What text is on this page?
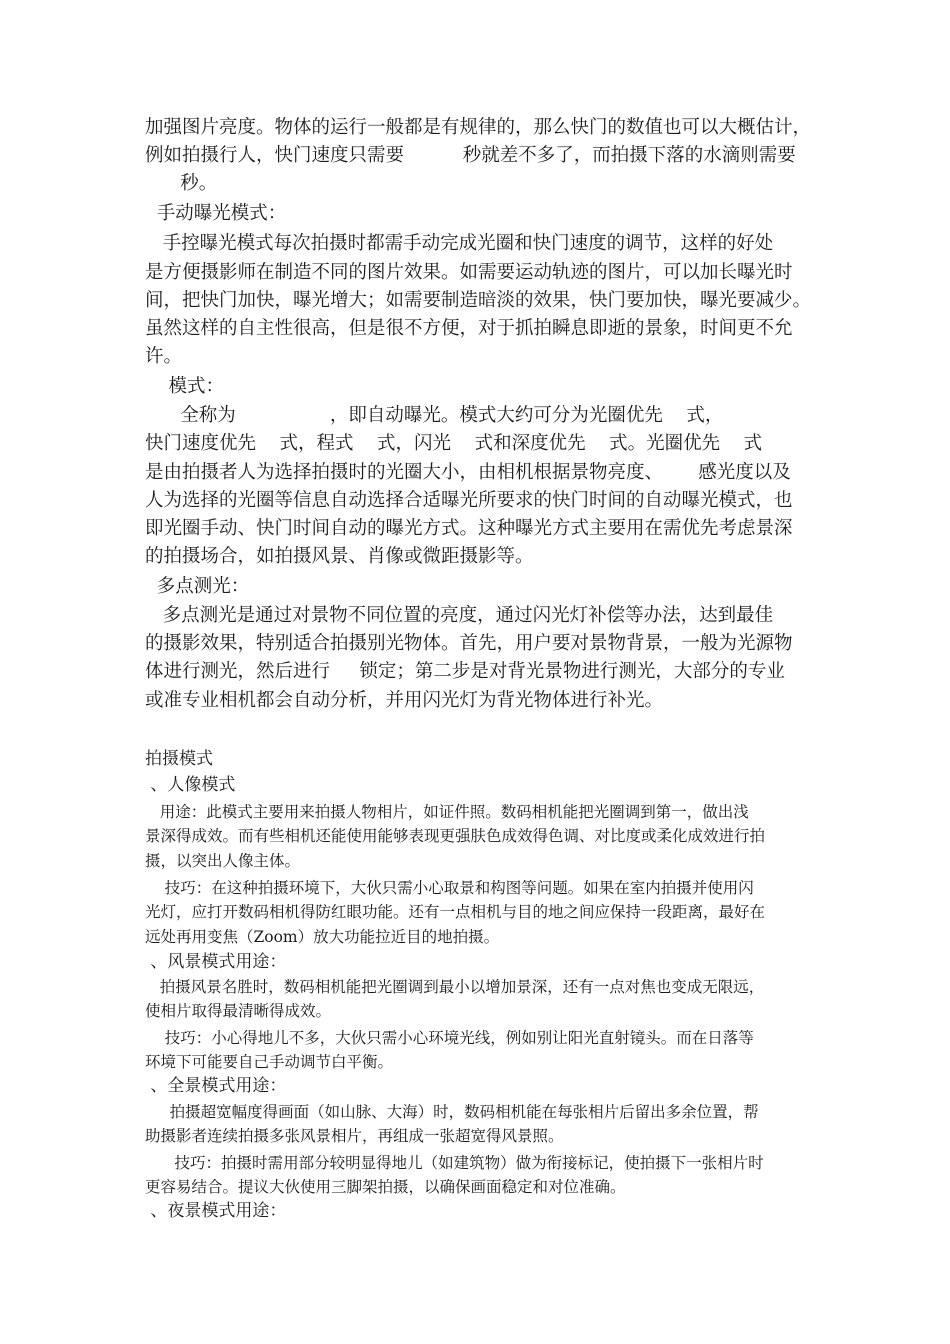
加强图片亮度。物体的运行一般都是有规律的，那么快门的数值也可以大概估计，
例如拍摄行人，快门速度只需要          秒就差不多了，而拍摄下落的水滴则需要
秒。
手动曝光模式：
手控曝光模式每次拍摄时都需手动完成光圈和快门速度的调节，这样的好处
是方便摄影师在制造不同的图片效果。如需要运动轨迹的图片，可以加长曝光时
间，把快门加快，曝光增大；如需要制造暗淡的效果，快门要加快，曝光要减少。
虽然这样的自主性很高，但是很不方便，对于抓拍瞬息即逝的景象，时间更不允
许。
模式：
全称为                ，即自动曝光。模式大约可分为光圈优先    式，
快门速度优先    式，程式    式，闪光    式和深度优先    式。光圈优先    式
是由拍摄者人为选择拍摄时的光圈大小，由相机根据景物亮度、      感光度以及
人为选择的光圈等信息自动选择合适曝光所要求的快门时间的自动曝光模式，也
即光圈手动、快门时间自动的曝光方式。这种曝光方式主要用在需优先考虑景深
的拍摄场合，如拍摄风景、肖像或微距摄影等。
多点测光：
多点测光是通过对景物不同位置的亮度，通过闪光灯补偿等办法，达到最佳
的摄影效果，特别适合拍摄别光物体。首先，用户要对景物背景，一般为光源物
体进行测光，然后进行     锁定；第二步是对背光景物进行测光，大部分的专业
或准专业相机都会自动分析，并用闪光灯为背光物体进行补光。
拍摄模式
、人像模式
用途：此模式主要用来拍摄人物相片，如证件照。数码相机能把光圈调到第一，做出浅
景深得成效。而有些相机还能使用能够表现更强肤色成效得色调、对比度或柔化成效进行拍
摄，以突出人像主体。
技巧：在这种拍摄环境下，大伙只需小心取景和构图等问题。如果在室内拍摄并使用闪
光灯，应打开数码相机得防红眼功能。还有一点相机与目的地之间应保持一段距离，最好在
远处再用变焦（Zoom）放大功能拉近目的地拍摄。
、风景模式用途：
拍摄风景名胜时，数码相机能把光圈调到最小以增加景深，还有一点对焦也变成无限远，
使相片取得最清晰得成效。
技巧：小心得地儿不多，大伙只需小心环境光线，例如别让阳光直射镜头。而在日落等
环境下可能要自己手动调节白平衡。
、全景模式用途：
拍摄超宽幅度得画面（如山脉、大海）时，数码相机能在每张相片后留出多余位置，帮
助摄影者连续拍摄多张风景相片，再组成一张超宽得风景照。
技巧：拍摄时需用部分较明显得地儿（如建筑物）做为衔接标记，使拍摄下一张相片时
更容易结合。提议大伙使用三脚架拍摄，以确保画面稳定和对位准确。
、夜景模式用途：
